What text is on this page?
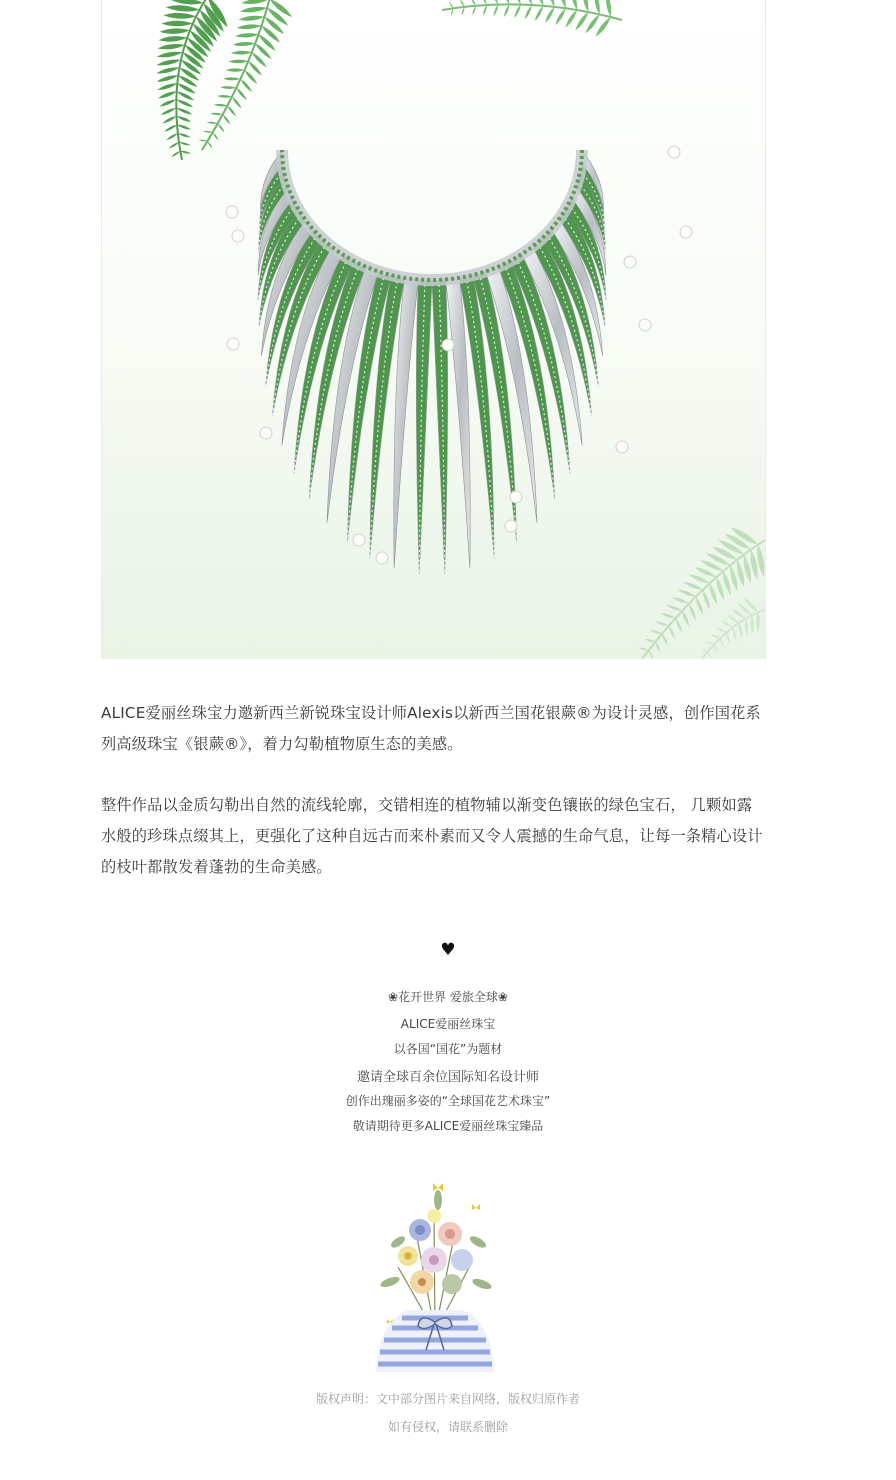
ALICE爱丽丝珠宝力邀新西兰新锐珠宝设计师Alexis以新西兰国花银蕨®为设计灵感，创作国花系列高级珠宝《银蕨®》，着力勾勒植物原生态的美感。

整件作品以金质勾勒出自然的流线轮廓，交错相连的植物辅以渐变色镶嵌的绿色宝石， 几颗如露水般的珍珠点缀其上，更强化了这种自远古而来朴素而又令人震撼的生命气息，让每一条精心设计的枝叶都散发着蓬勃的生命美感。

♥

❀花开世界 爱旅全球❀

ALICE爱丽丝珠宝

以各国“国花”为题材

邀请全球百余位国际知名设计师

创作出瑰丽多姿的“全球国花艺术珠宝”

敬请期待更多ALICE爱丽丝珠宝臻品

版权声明：文中部分图片来自网络，版权归原作者

如有侵权，请联系删除
